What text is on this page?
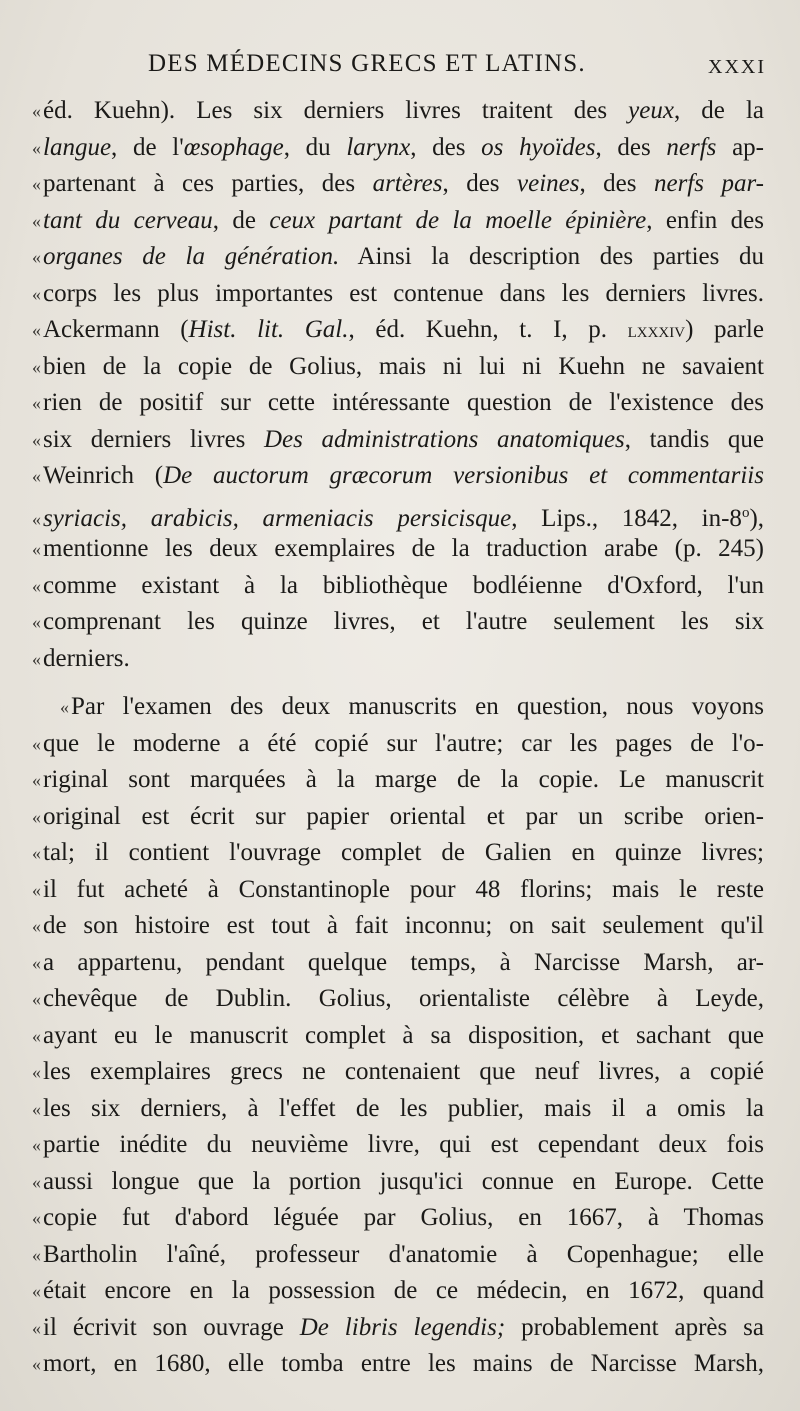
DES MÉDECINS GRECS ET LATINS.	XXXI
«éd. Kuehn). Les six derniers livres traitent des yeux, de la
«langue, de l'œsophage, du larynx, des os hyoïdes, des nerfs ap-
«partenant à ces parties, des artères, des veines, des nerfs par-
«tant du cerveau, de ceux partant de la moelle épinière, enfin des
«organes de la génération. Ainsi la description des parties du
«corps les plus importantes est contenue dans les derniers livres.
«Ackermann (Hist. lit. Gal., éd. Kuehn, t. I, p. lxxxiv) parle
«bien de la copie de Golius, mais ni lui ni Kuehn ne savaient
«rien de positif sur cette intéressante question de l'existence des
«six derniers livres Des administrations anatomiques, tandis que
«Weinrich (De auctorum græcorum versionibus et commentariis
«syriacis, arabicis, armeniacis persicisque, Lips., 1842, in-8$^o$),
«mentionne les deux exemplaires de la traduction arabe (p. 245)
«comme existant à la bibliothèque bodléienne d'Oxford, l'un
«comprenant les quinze livres, et l'autre seulement les six
«derniers.
«Par l'examen des deux manuscrits en question, nous voyons
«que le moderne a été copié sur l'autre; car les pages de l'o-
«riginal sont marquées à la marge de la copie. Le manuscrit
«original est écrit sur papier oriental et par un scribe orien-
«tal; il contient l'ouvrage complet de Galien en quinze livres;
«il fut acheté à Constantinople pour 48 florins; mais le reste
«de son histoire est tout à fait inconnu; on sait seulement qu'il
«a appartenu, pendant quelque temps, à Narcisse Marsh, ar-
«chevêque de Dublin. Golius, orientaliste célèbre à Leyde,
«ayant eu le manuscrit complet à sa disposition, et sachant que
«les exemplaires grecs ne contenaient que neuf livres, a copié
«les six derniers, à l'effet de les publier, mais il a omis la
«partie inédite du neuvième livre, qui est cependant deux fois
«aussi longue que la portion jusqu'ici connue en Europe. Cette
«copie fut d'abord léguée par Golius, en 1667, à Thomas
«Bartholin l'aîné, professeur d'anatomie à Copenhague; elle
«était encore en la possession de ce médecin, en 1672, quand
«il écrivit son ouvrage De libris legendis; probablement après sa
«mort, en 1680, elle tomba entre les mains de Narcisse Marsh,
